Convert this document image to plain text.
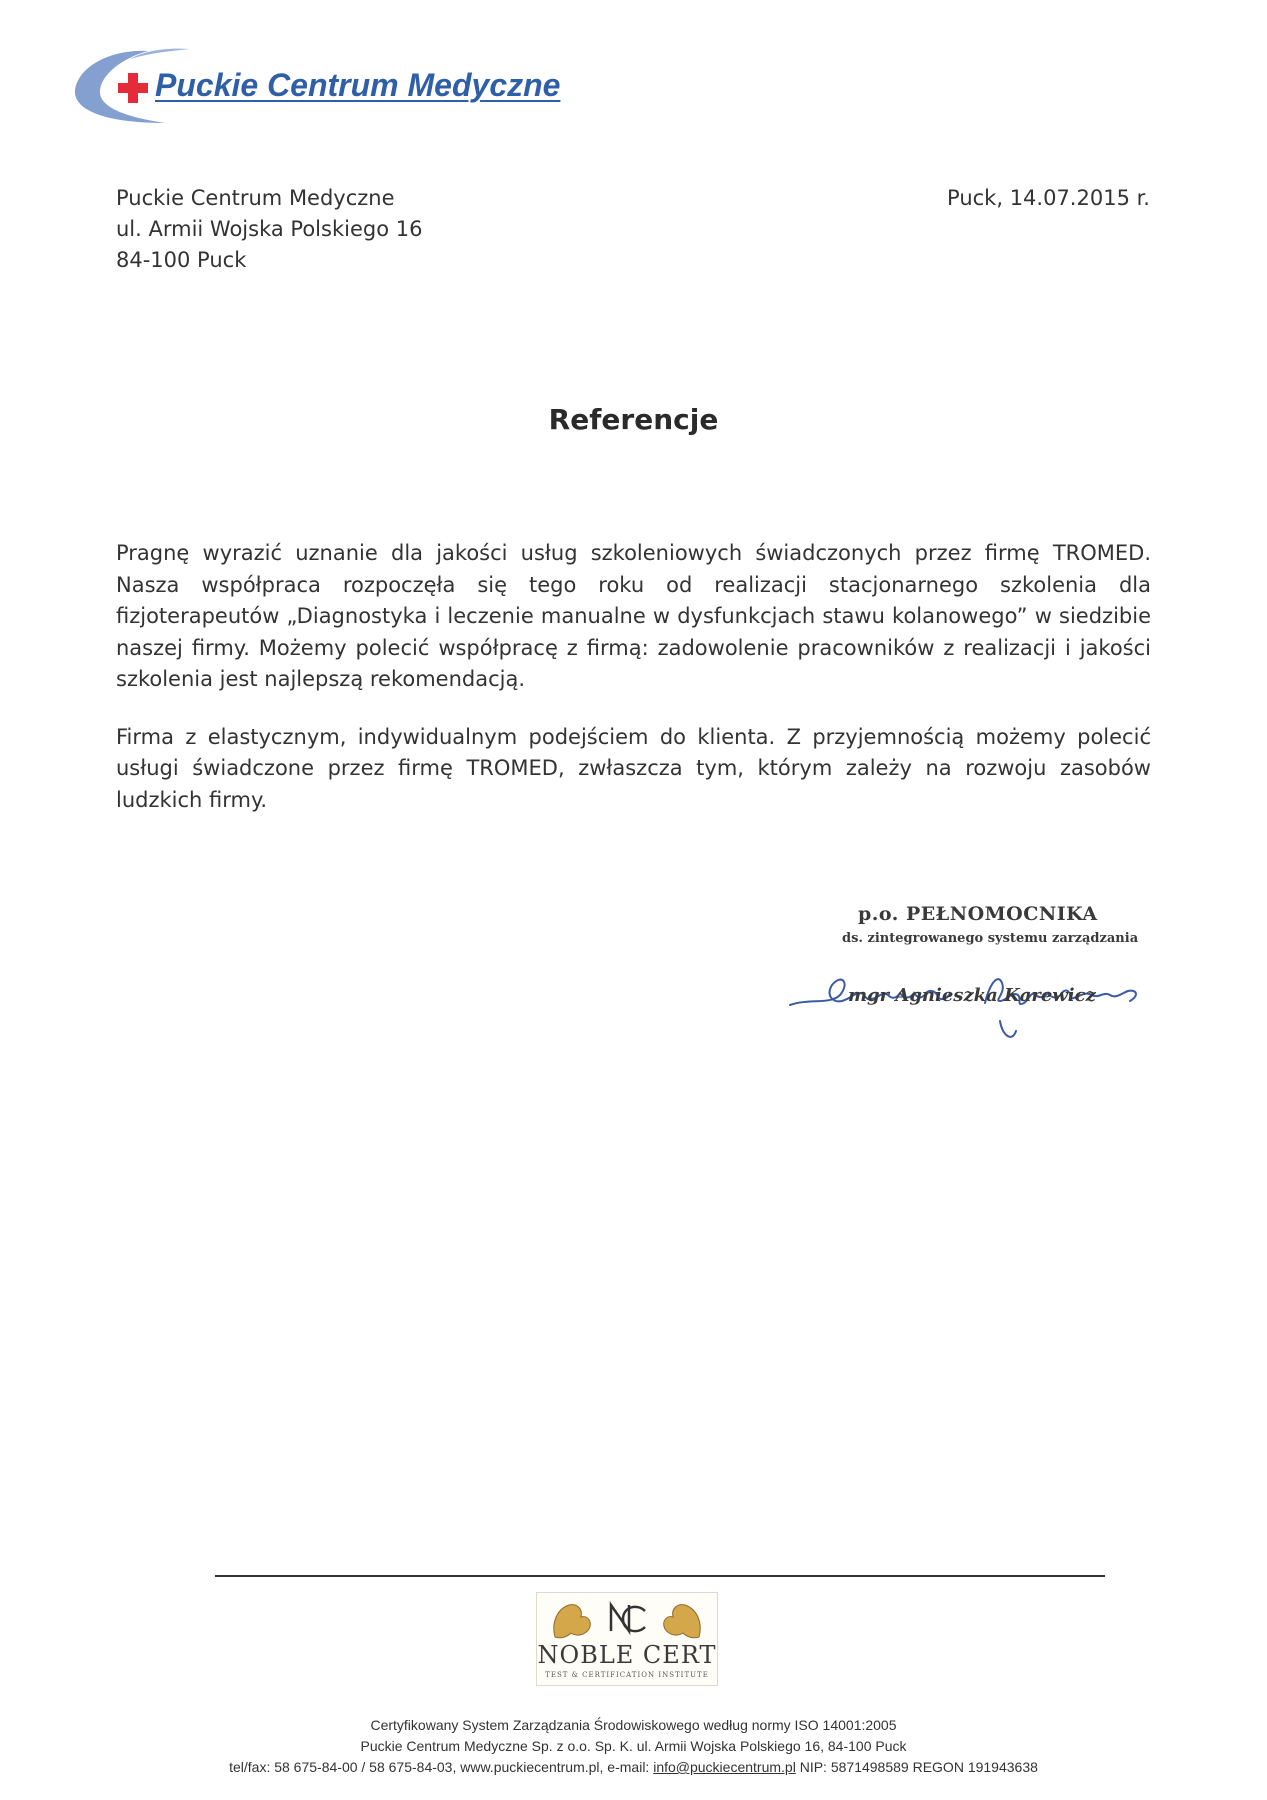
Puckie Centrum Medyczne
Puckie Centrum Medyczne
ul. Armii Wojska Polskiego 16
84-100 Puck
Puck, 14.07.2015 r.
Referencje

Pragnę wyrazić uznanie dla jakości usług szkoleniowych świadczonych przez firmę TROMED. Nasza współpraca rozpoczęła się tego roku od realizacji stacjonarnego szkolenia dla fizjoterapeutów „Diagnostyka i leczenie manualne w dysfunkcjach stawu kolanowego” w siedzibie naszej firmy. Możemy polecić współpracę z firmą: zadowolenie pracowników z realizacji i jakości szkolenia jest najlepszą rekomendacją.

Firma z elastycznym, indywidualnym podejściem do klienta. Z przyjemnością możemy polecić usługi świadczone przez firmę TROMED, zwłaszcza tym, którym zależy na rozwoju zasobów ludzkich firmy.

p.o. PEŁNOMOCNIKA
ds. zintegrowanego systemu zarządzania
mgr Agnieszka Karewicz
NOBLE CERT
TEST & CERTIFICATION INSTITUTE
Certyfikowany System Zarządzania Środowiskowego według normy ISO 14001:2005
Puckie Centrum Medyczne Sp. z o.o. Sp. K. ul. Armii Wojska Polskiego 16, 84-100 Puck
tel/fax: 58 675-84-00 / 58 675-84-03, www.puckiecentrum.pl, e-mail: info@puckiecentrum.pl NIP: 5871498589 REGON 191943638
